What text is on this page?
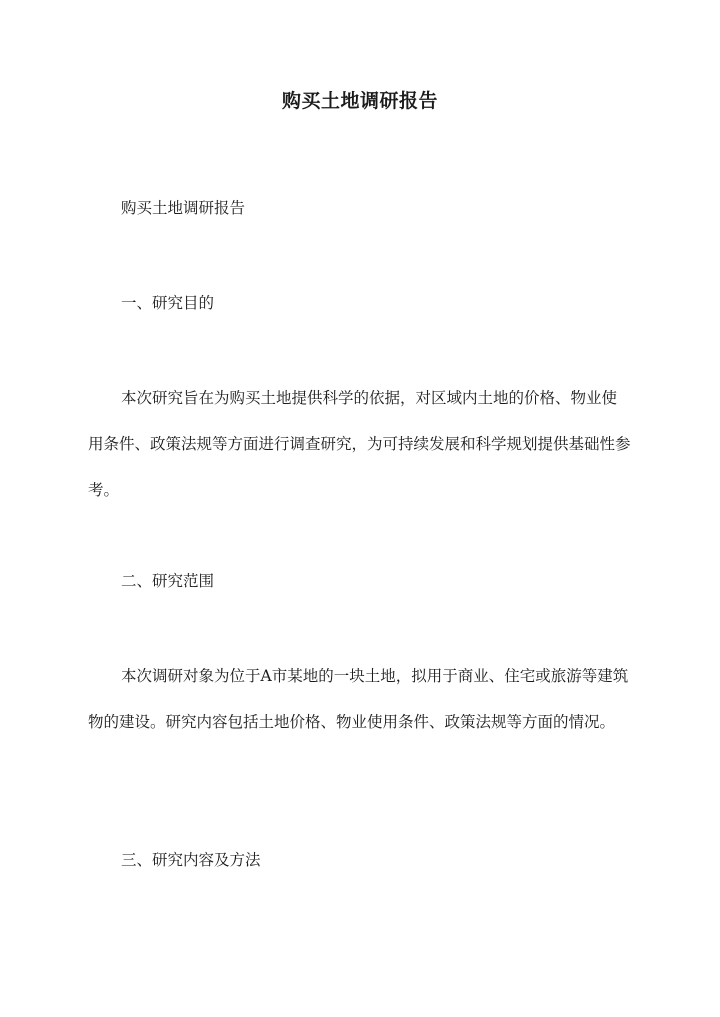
购买土地调研报告
购买土地调研报告
一、研究目的

本次研究旨在为购买土地提供科学的依据，对区域内土地的价格、物业使用条件、政策法规等方面进行调查研究，为可持续发展和科学规划提供基础性参考。

二、研究范围

本次调研对象为位于A市某地的一块土地，拟用于商业、住宅或旅游等建筑物的建设。研究内容包括土地价格、物业使用条件、政策法规等方面的情况。

三、研究内容及方法
